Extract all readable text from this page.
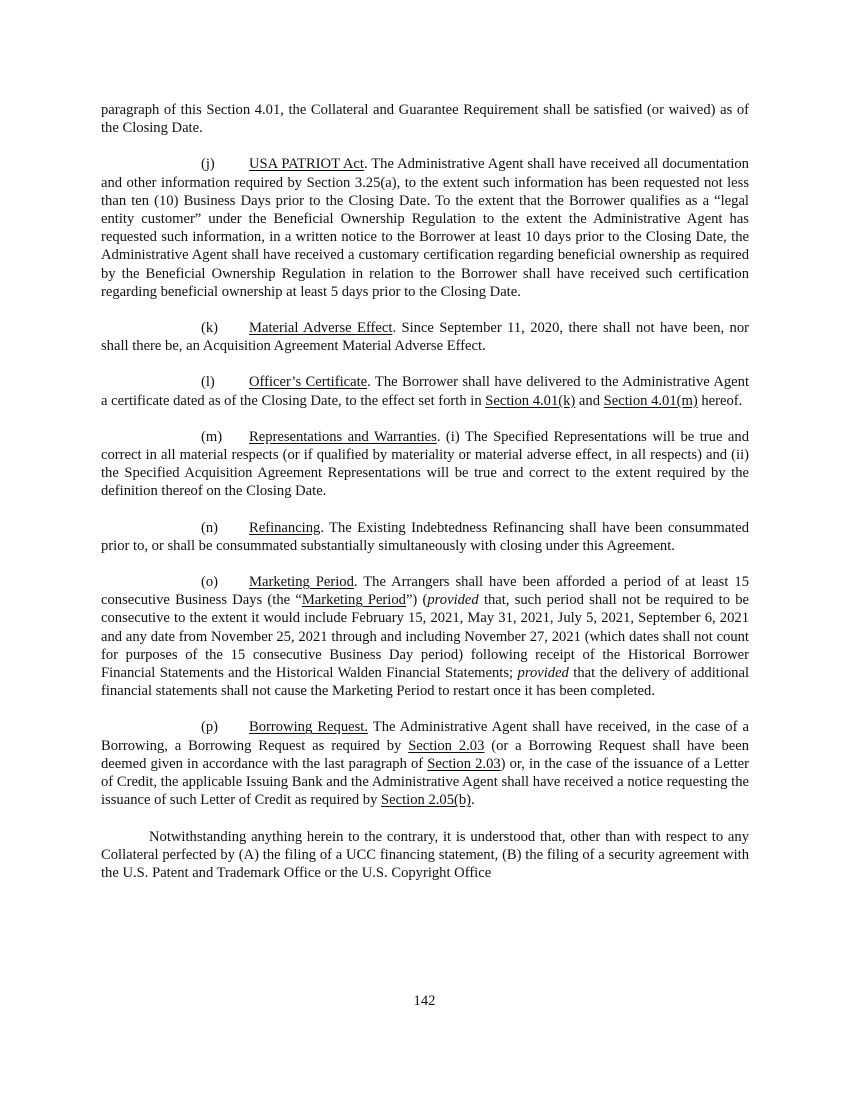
paragraph of this Section 4.01, the Collateral and Guarantee Requirement shall be satisfied (or waived) as of the Closing Date.

(j) USA PATRIOT Act. The Administrative Agent shall have received all documentation and other information required by Section 3.25(a), to the extent such information has been requested not less than ten (10) Business Days prior to the Closing Date. To the extent that the Borrower qualifies as a “legal entity customer” under the Beneficial Ownership Regulation to the extent the Administrative Agent has requested such information, in a written notice to the Borrower at least 10 days prior to the Closing Date, the Administrative Agent shall have received a customary certification regarding beneficial ownership as required by the Beneficial Ownership Regulation in relation to the Borrower shall have received such certification regarding beneficial ownership at least 5 days prior to the Closing Date.

(k) Material Adverse Effect. Since September 11, 2020, there shall not have been, nor shall there be, an Acquisition Agreement Material Adverse Effect.

(l) Officer’s Certificate. The Borrower shall have delivered to the Administrative Agent a certificate dated as of the Closing Date, to the effect set forth in Section 4.01(k) and Section 4.01(m) hereof.

(m) Representations and Warranties. (i) The Specified Representations will be true and correct in all material respects (or if qualified by materiality or material adverse effect, in all respects) and (ii) the Specified Acquisition Agreement Representations will be true and correct to the extent required by the definition thereof on the Closing Date.

(n) Refinancing. The Existing Indebtedness Refinancing shall have been consummated prior to, or shall be consummated substantially simultaneously with closing under this Agreement.

(o) Marketing Period. The Arrangers shall have been afforded a period of at least 15 consecutive Business Days (the “Marketing Period”) (provided that, such period shall not be required to be consecutive to the extent it would include February 15, 2021, May 31, 2021, July 5, 2021, September 6, 2021 and any date from November 25, 2021 through and including November 27, 2021 (which dates shall not count for purposes of the 15 consecutive Business Day period) following receipt of the Historical Borrower Financial Statements and the Historical Walden Financial Statements; provided that the delivery of additional financial statements shall not cause the Marketing Period to restart once it has been completed.

(p) Borrowing Request. The Administrative Agent shall have received, in the case of a Borrowing, a Borrowing Request as required by Section 2.03 (or a Borrowing Request shall have been deemed given in accordance with the last paragraph of Section 2.03) or, in the case of the issuance of a Letter of Credit, the applicable Issuing Bank and the Administrative Agent shall have received a notice requesting the issuance of such Letter of Credit as required by Section 2.05(b).

Notwithstanding anything herein to the contrary, it is understood that, other than with respect to any Collateral perfected by (A) the filing of a UCC financing statement, (B) the filing of a security agreement with the U.S. Patent and Trademark Office or the U.S. Copyright Office

142
